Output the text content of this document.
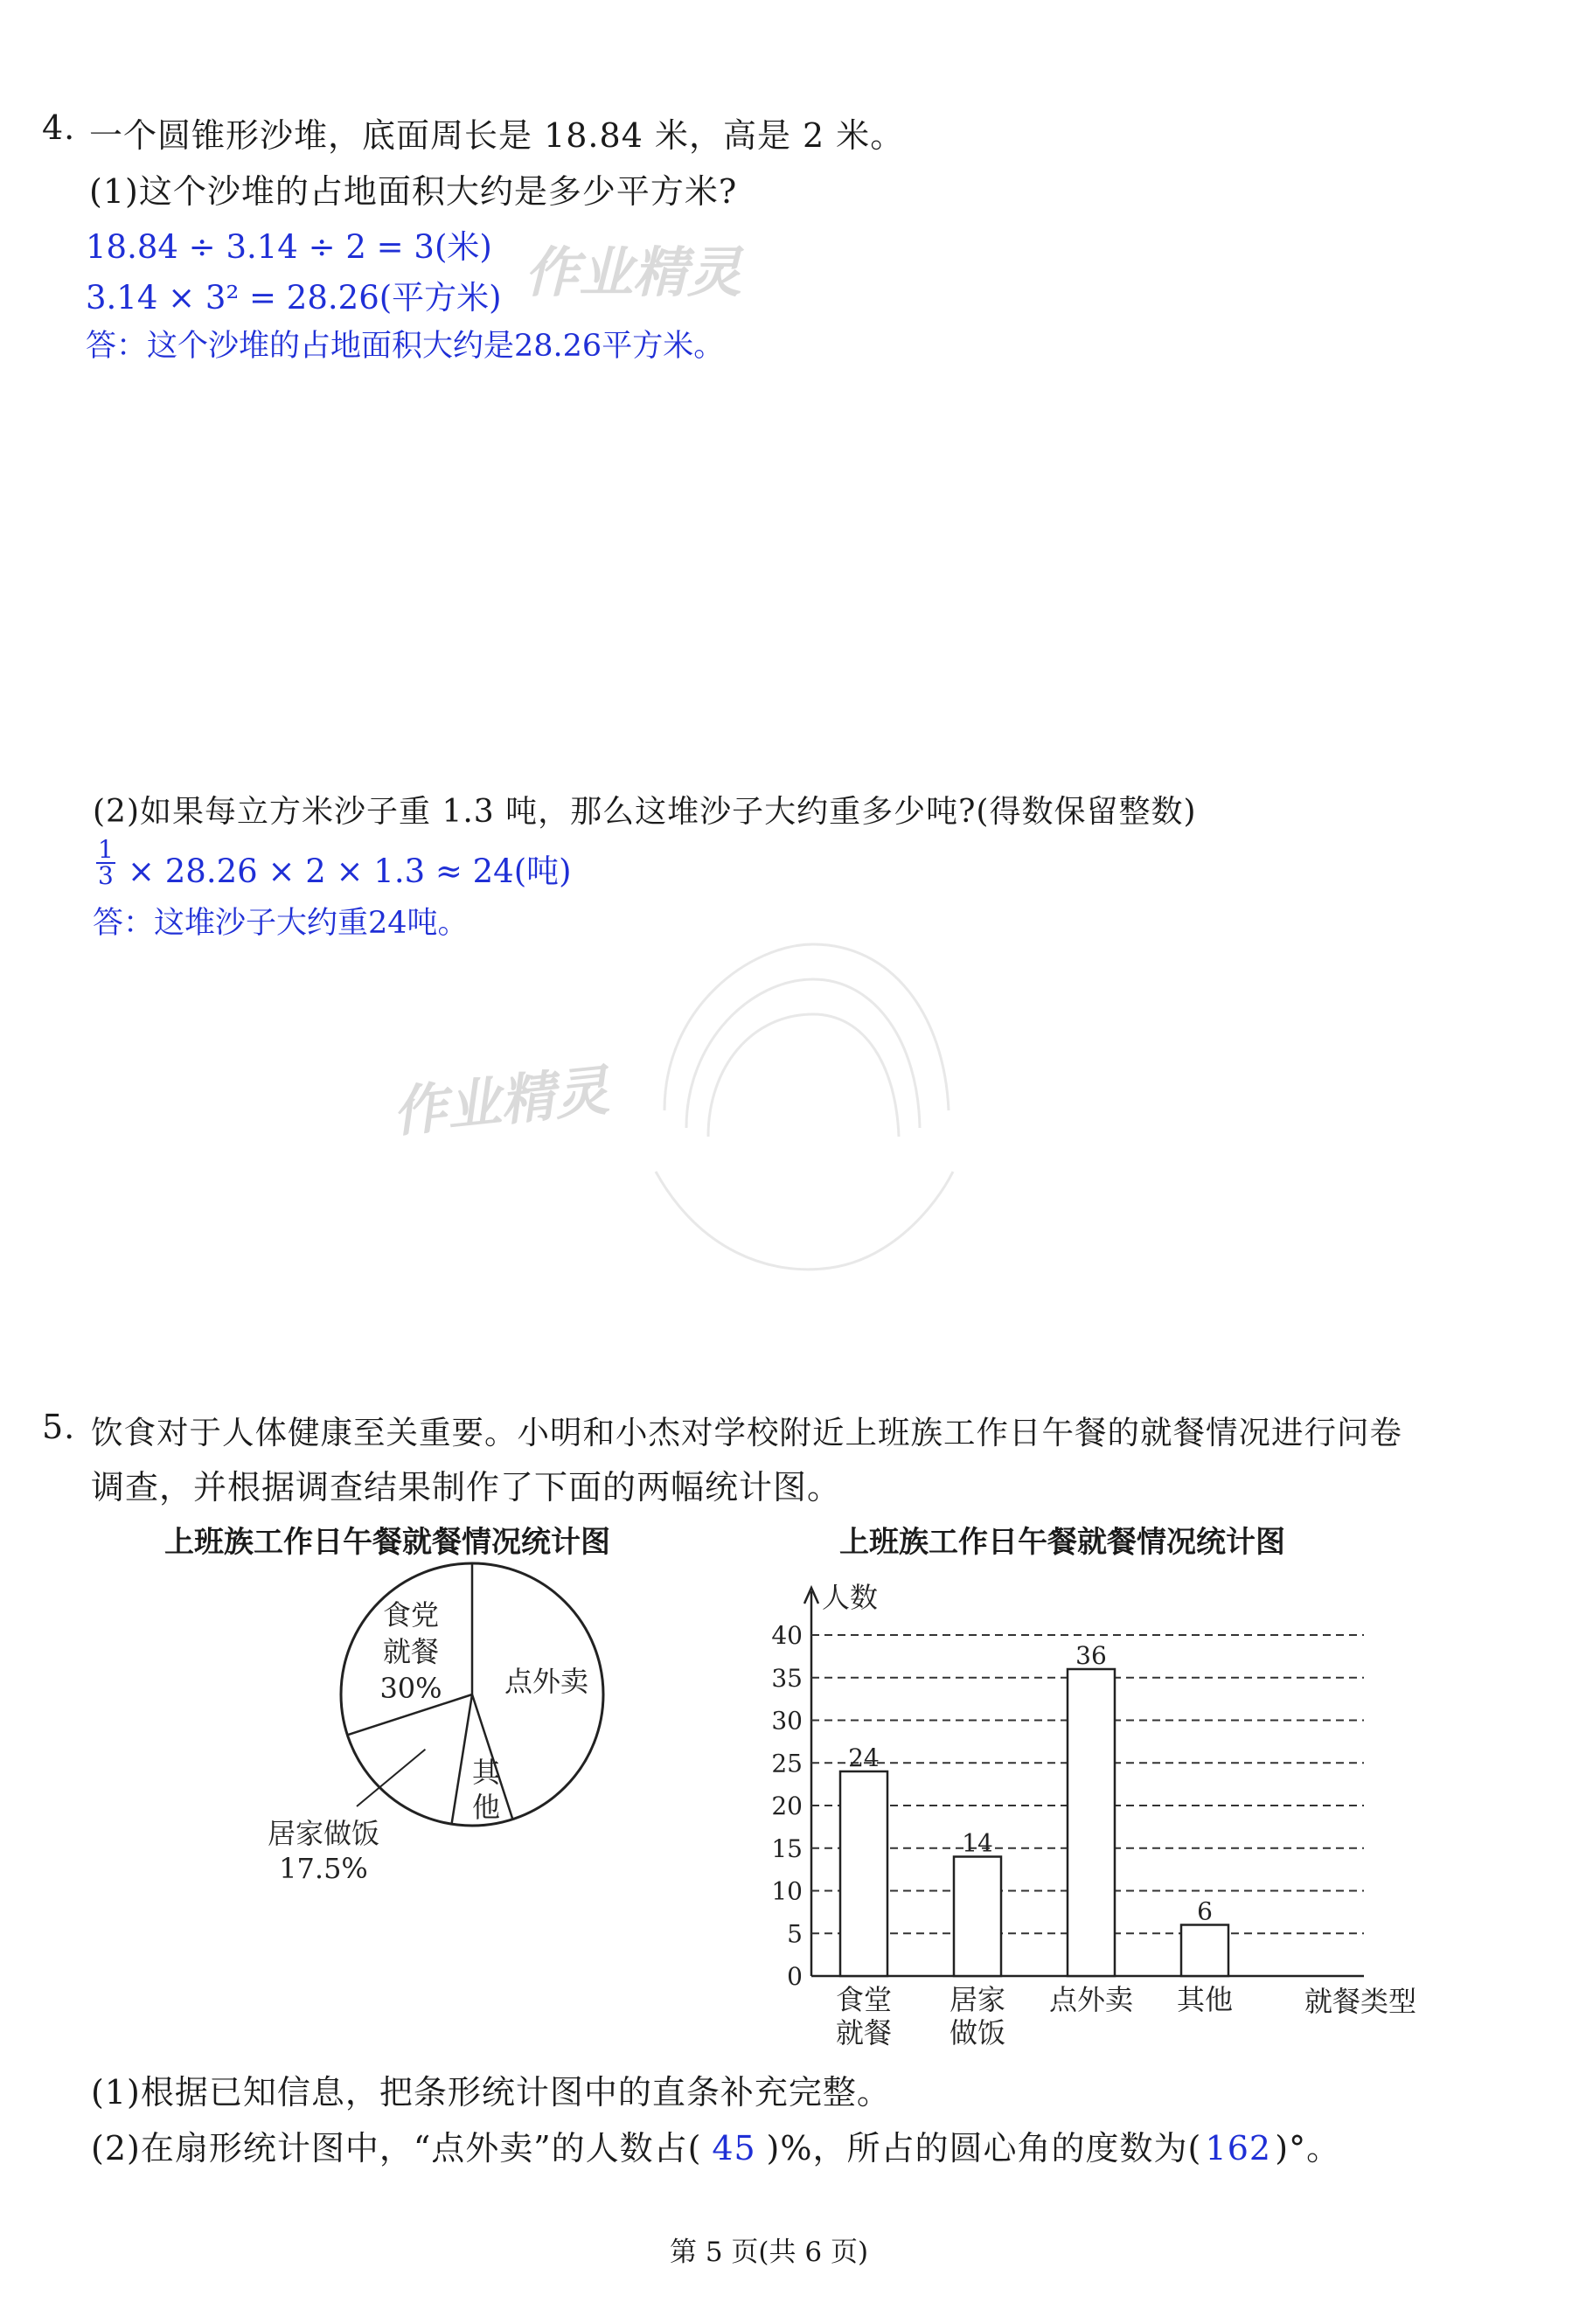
4. 一个圆锥形沙堆，底面周长是 18.84 米，高是 2 米。
(1)这个沙堆的占地面积大约是多少平方米?
18.84 ÷ 3.14 ÷ 2 = 3(米)
3.14 × 3² = 28.26(平方米)
答：这个沙堆的占地面积大约是28.26平方米。
作业精灵
(2)如果每立方米沙子重 1.3 吨，那么这堆沙子大约重多少吨?(得数保留整数)
$\frac{1}{3} \times 28.26 \times 2 \times 1.3 \approx 24$(吨)
答：这堆沙子大约重24吨。
作业精灵
5. 饮食对于人体健康至关重要。小明和小杰对学校附近上班族工作日午餐的就餐情况进行问卷
调查，并根据调查结果制作了下面的两幅统计图。
上班族工作日午餐就餐情况统计图
食党
就餐
30% 点外卖
其
他
居家做饭
17.5%
上班族工作日午餐就餐情况统计图
人数
就餐类型
0
5
10
15
20
25
30
35
40
24
食堂
就餐
14
居家
做饭
36
点外卖
6
其他
(1)根据已知信息，把条形统计图中的直条补充完整。
(2)在扇形统计图中，“点外卖”的人数占( 45 )%，所占的圆心角的度数为( 162 )°。
第 5 页(共 6 页)
